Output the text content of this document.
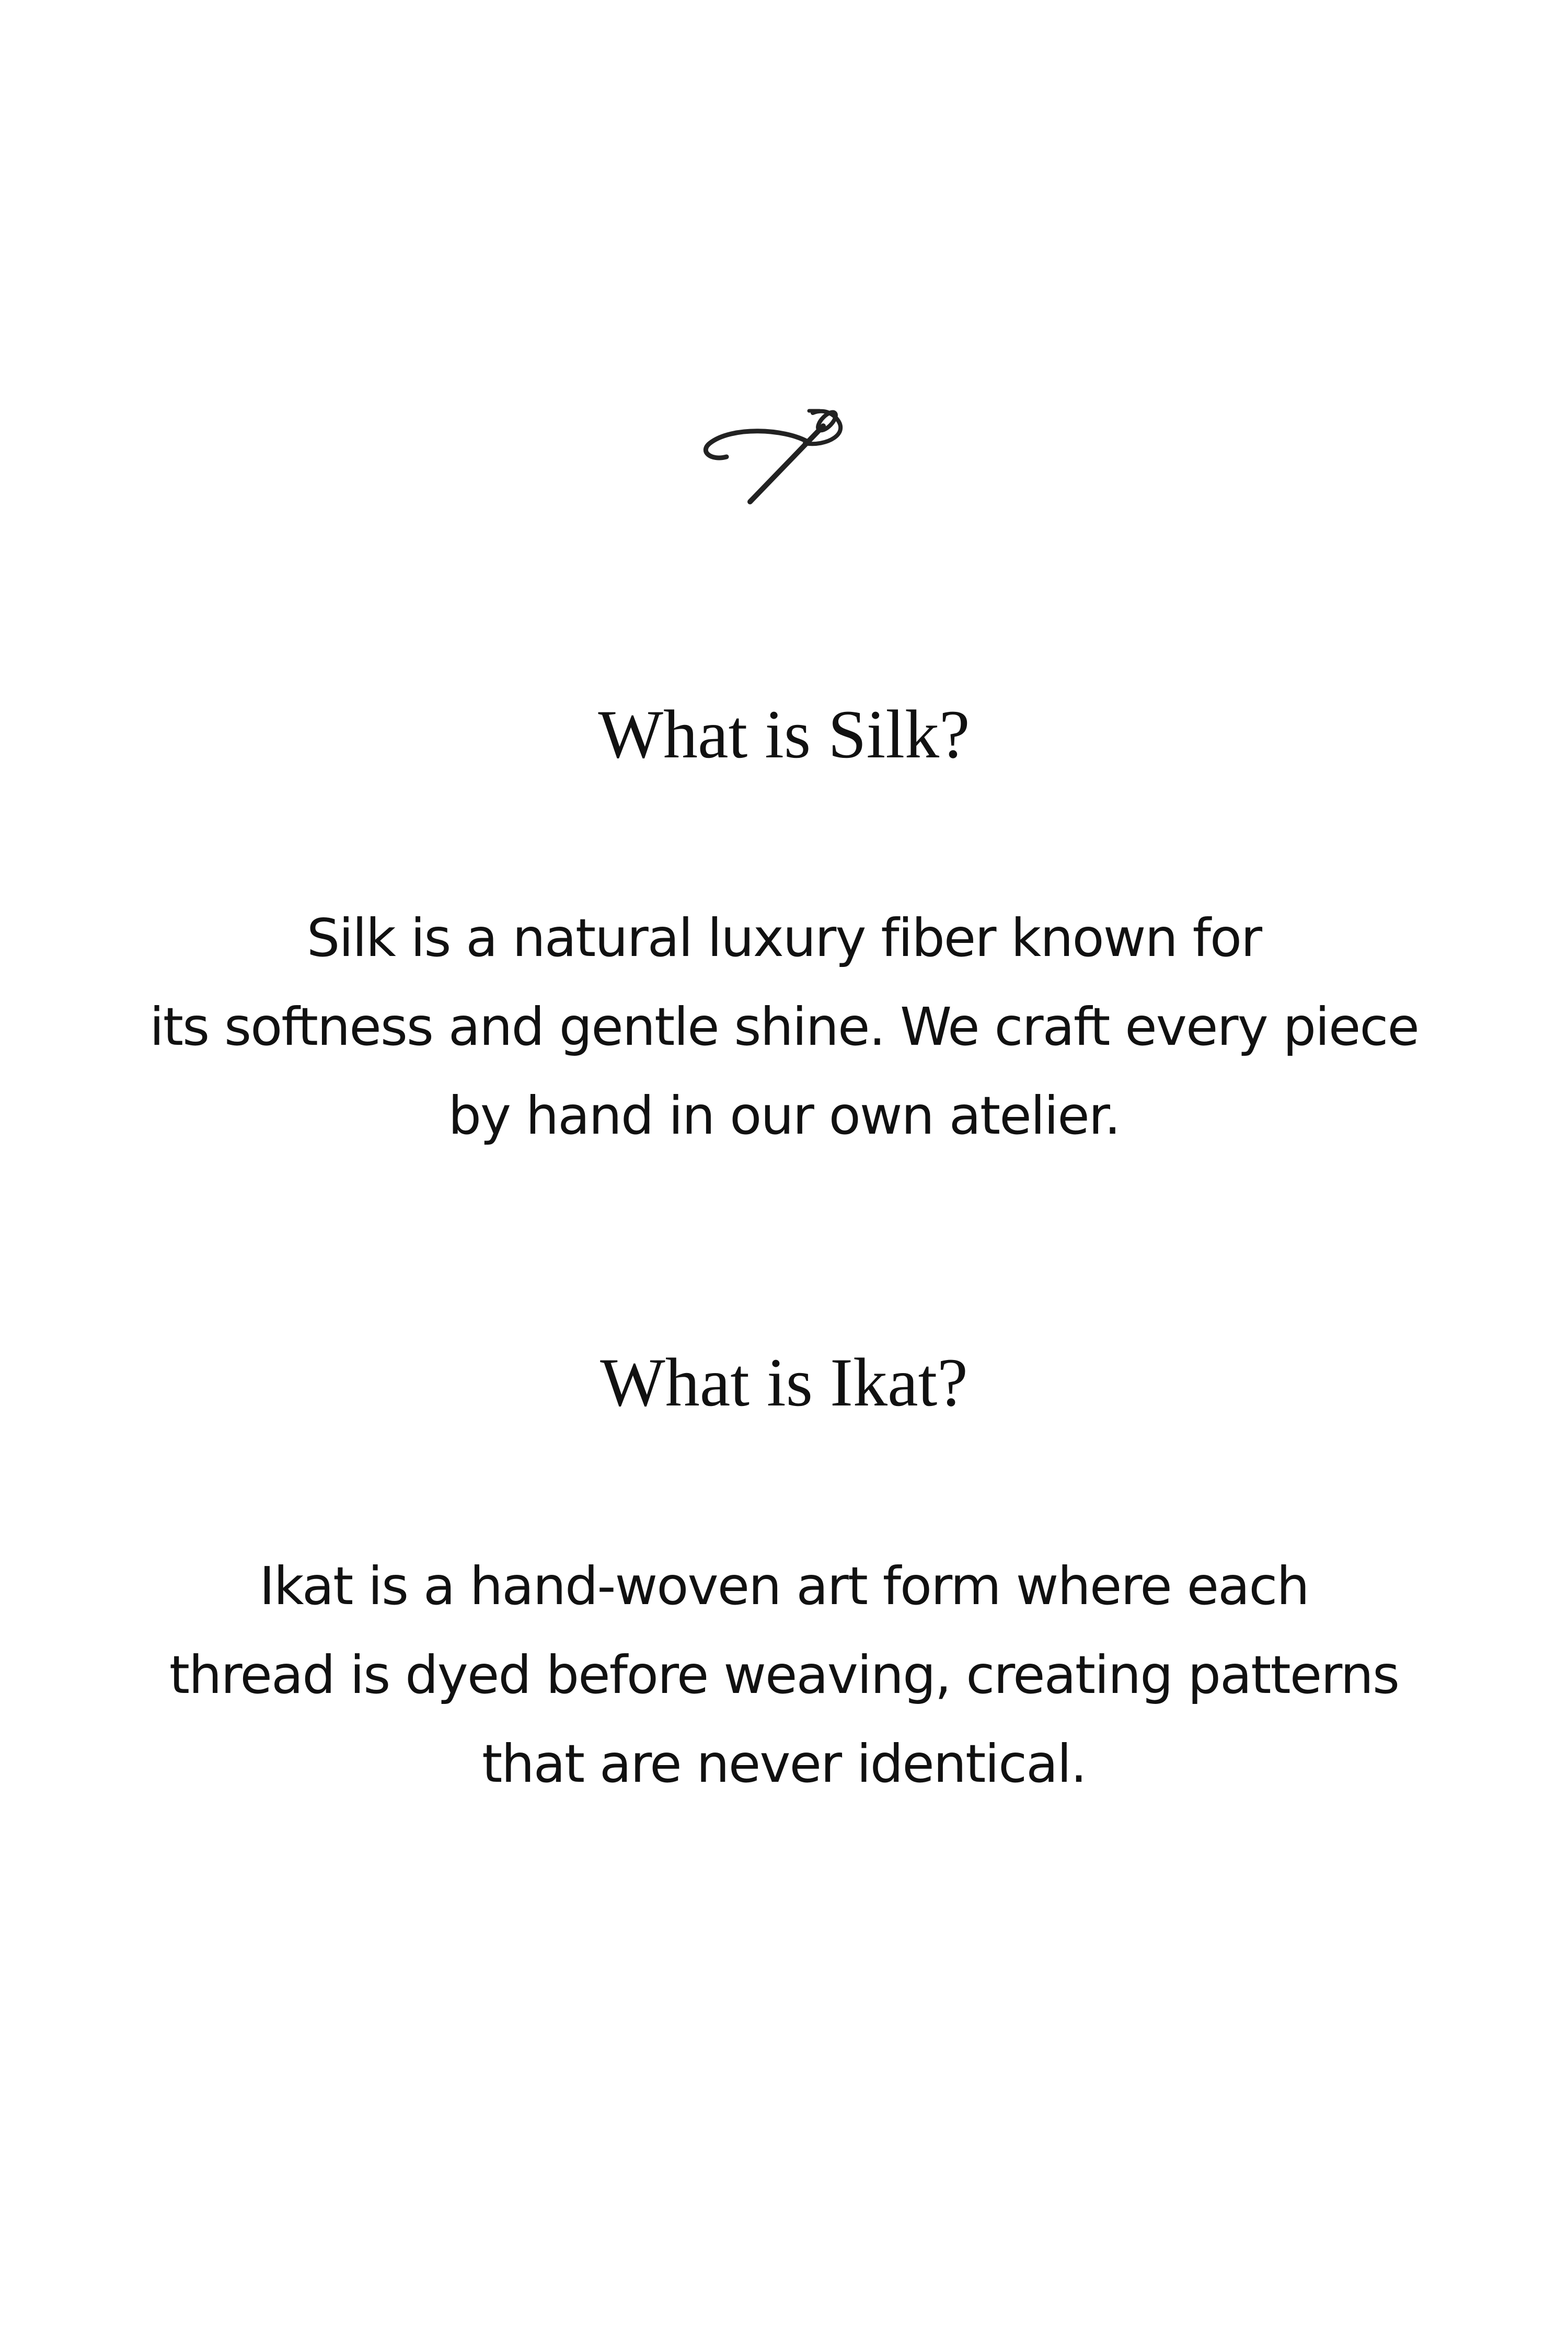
What is Silk?

Silk is a natural luxury fiber known for
its softness and gentle shine. We craft every piece
by hand in our own atelier.

What is Ikat?

Ikat is a hand-woven art form where each
thread is dyed before weaving, creating patterns
that are never identical.
